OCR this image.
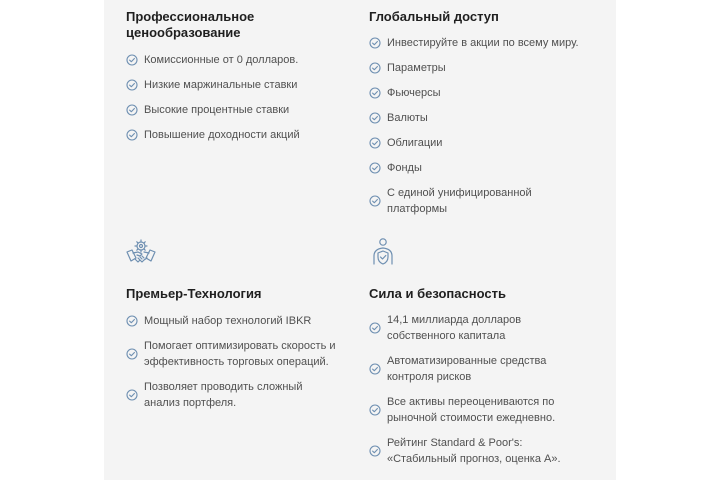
Профессиональное
ценообразование

Комиссионные от 0 долларов.
Низкие маржинальные ставки
Высокие процентные ставки
Повышение доходности акций

Глобальный доступ

Инвестируйте в акции по всему миру.
Параметры
Фьючерсы
Валюты
Облигации
Фонды
С единой унифицированной
платформы

Премьер-Технология

Мощный набор технологий IBKR
Помогает оптимизировать скорость и
эффективность торговых операций.
Позволяет проводить сложный
анализ портфеля.

Сила и безопасность

14,1 миллиарда долларов
собственного капитала
Автоматизированные средства
контроля рисков
Все активы переоцениваются по
рыночной стоимости ежедневно.
Рейтинг Standard & Poor's:
«Стабильный прогноз, оценка A».
